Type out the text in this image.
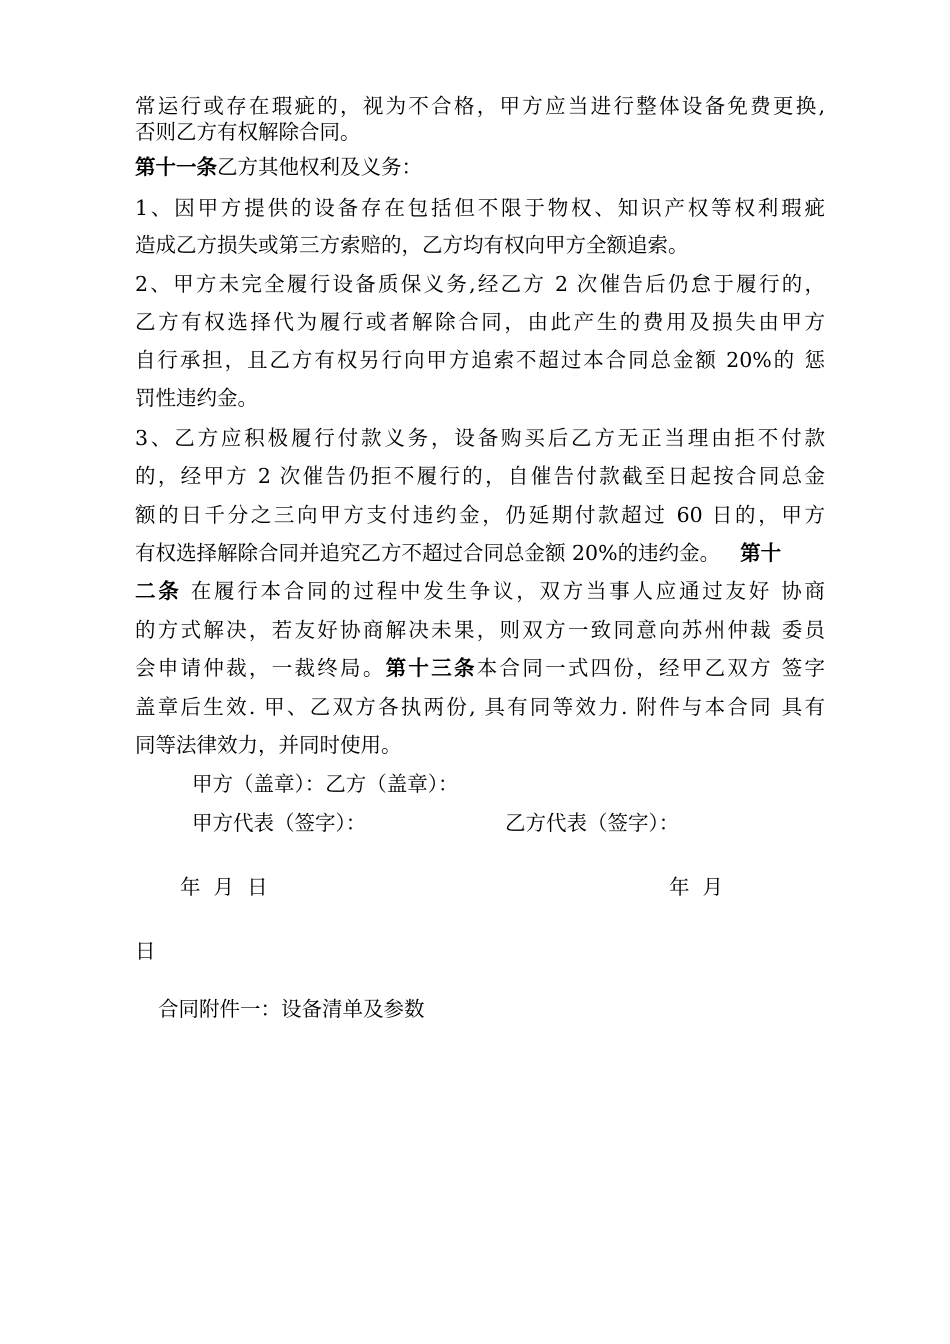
常运行或存在瑕疵的，视为不合格，甲方应当进行整体设备免费更换,
否则乙方有权解除合同。
第十一条乙方其他权利及义务：
1、因甲方提供的设备存在包括但不限于物权、知识产权等权利瑕疵
造成乙方损失或第三方索赔的，乙方均有权向甲方全额追索。
2、甲方未完全履行设备质保义务,经乙方 2 次催告后仍怠于履行的，
乙方有权选择代为履行或者解除合同，由此产生的费用及损失由甲方
自行承担，且乙方有权另行向甲方追索不超过本合同总金额 20%的 惩
罚性违约金。
3、乙方应积极履行付款义务，设备购买后乙方无正当理由拒不付款
的，经甲方 2 次催告仍拒不履行的，自催告付款截至日起按合同总金
额的日千分之三向甲方支付违约金，仍延期付款超过 60 日的，甲方
有权选择解除合同并追究乙方不超过合同总金额 20%的违约金。 第十
二条 在履行本合同的过程中发生争议，双方当事人应通过友好 协商
的方式解决，若友好协商解决未果，则双方一致同意向苏州仲裁 委员
会申请仲裁，一裁终局。第十三条本合同一式四份，经甲乙双方 签字
盖章后生效. 甲、乙双方各执两份, 具有同等效力. 附件与本合同 具有
同等法律效力，并同时使用。
甲方（盖章）：乙方（盖章）：
甲方代表（签字）：	乙方代表（签字）：
年  月  日	年  月
日
合同附件一：设备清单及参数
